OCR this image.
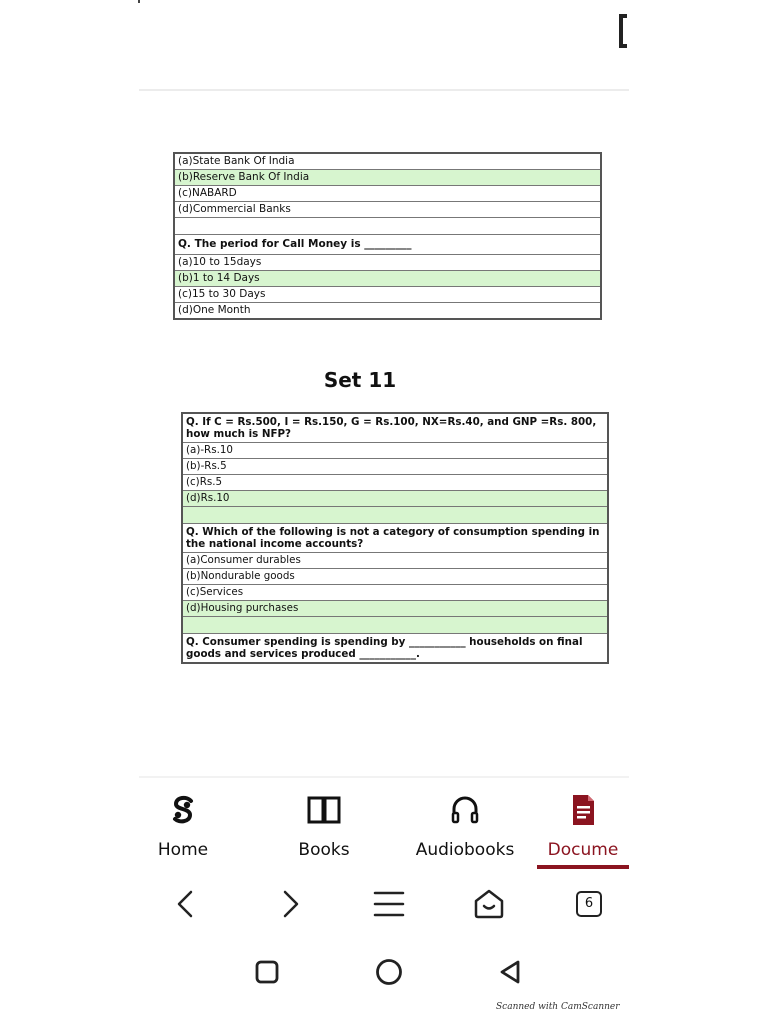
(a)State Bank Of India
(b)Reserve Bank Of India
(c)NABARD
(d)Commercial Banks

Q. The period for Call Money is _________
(a)10 to 15days
(b)1 to 14 Days
(c)15 to 30 Days
(d)One Month
Set 11
Q. If C = Rs.500, I = Rs.150, G = Rs.100, NX=Rs.40, and GNP =Rs. 800, how much is NFP?
(a)-Rs.10
(b)-Rs.5
(c)Rs.5
(d)Rs.10

Q. Which of the following is not a category of consumption spending in the national income accounts?
(a)Consumer durables
(b)Nondurable goods
(c)Services
(d)Housing purchases

Q. Consumer spending is spending by ___________ households on final goods and services produced ___________.
Home	Books	Audiobooks	Docume
6
Scanned with CamScanner
